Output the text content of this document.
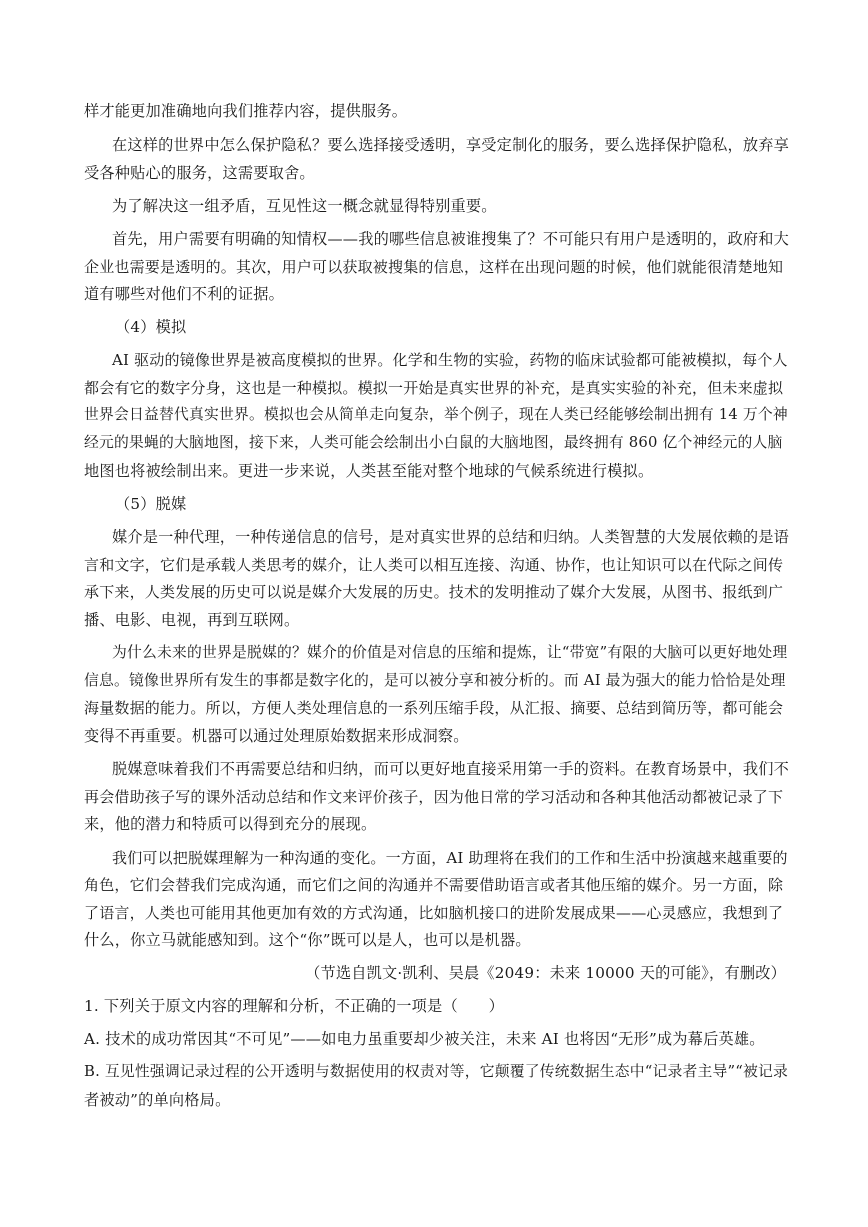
样才能更加准确地向我们推荐内容，提供服务。
在这样的世界中怎么保护隐私？要么选择接受透明，享受定制化的服务，要么选择保护隐私，放弃享
受各种贴心的服务，这需要取舍。
为了解决这一组矛盾，互见性这一概念就显得特别重要。
首先，用户需要有明确的知情权——我的哪些信息被谁搜集了？不可能只有用户是透明的，政府和大
企业也需要是透明的。其次，用户可以获取被搜集的信息，这样在出现问题的时候，他们就能很清楚地知
道有哪些对他们不利的证据。
（4）模拟
AI 驱动的镜像世界是被高度模拟的世界。化学和生物的实验，药物的临床试验都可能被模拟，每个人
都会有它的数字分身，这也是一种模拟。模拟一开始是真实世界的补充，是真实实验的补充，但未来虚拟
世界会日益替代真实世界。模拟也会从简单走向复杂，举个例子，现在人类已经能够绘制出拥有 14 万个神
经元的果蝇的大脑地图，接下来，人类可能会绘制出小白鼠的大脑地图，最终拥有 860 亿个神经元的人脑
地图也将被绘制出来。更进一步来说，人类甚至能对整个地球的气候系统进行模拟。
（5）脱媒
媒介是一种代理，一种传递信息的信号，是对真实世界的总结和归纳。人类智慧的大发展依赖的是语
言和文字，它们是承载人类思考的媒介，让人类可以相互连接、沟通、协作，也让知识可以在代际之间传
承下来，人类发展的历史可以说是媒介大发展的历史。技术的发明推动了媒介大发展，从图书、报纸到广
播、电影、电视，再到互联网。
为什么未来的世界是脱媒的？媒介的价值是对信息的压缩和提炼，让“带宽”有限的大脑可以更好地处理
信息。镜像世界所有发生的事都是数字化的，是可以被分享和被分析的。而 AI 最为强大的能力恰恰是处理
海量数据的能力。所以，方便人类处理信息的一系列压缩手段，从汇报、摘要、总结到简历等，都可能会
变得不再重要。机器可以通过处理原始数据来形成洞察。
脱媒意味着我们不再需要总结和归纳，而可以更好地直接采用第一手的资料。在教育场景中，我们不
再会借助孩子写的课外活动总结和作文来评价孩子，因为他日常的学习活动和各种其他活动都被记录了下
来，他的潜力和特质可以得到充分的展现。
我们可以把脱媒理解为一种沟通的变化。一方面，AI 助理将在我们的工作和生活中扮演越来越重要的
角色，它们会替我们完成沟通，而它们之间的沟通并不需要借助语言或者其他压缩的媒介。另一方面，除
了语言，人类也可能用其他更加有效的方式沟通，比如脑机接口的进阶发展成果——心灵感应，我想到了
什么，你立马就能感知到。这个“你”既可以是人，也可以是机器。
（节选自凯文·凯利、吴晨《2049：未来 10000 天的可能》，有删改）
1. 下列关于原文内容的理解和分析，不正确的一项是（　　）
A. 技术的成功常因其“不可见”——如电力虽重要却少被关注，未来 AI 也将因“无形”成为幕后英雄。
B. 互见性强调记录过程的公开透明与数据使用的权责对等，它颠覆了传统数据生态中“记录者主导”“被记录
者被动”的单向格局。
